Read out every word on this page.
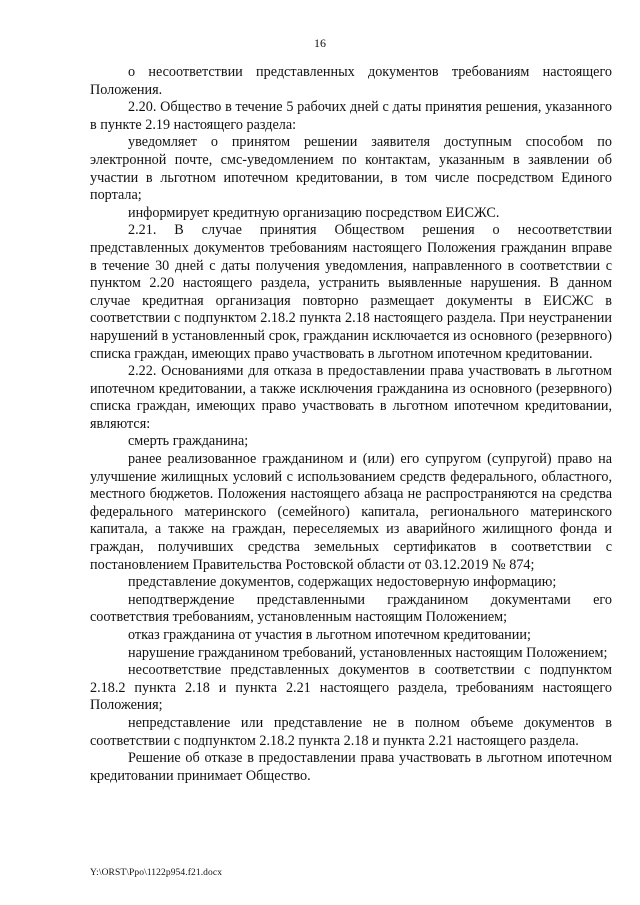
16

о несоответствии представленных документов требованиям настоящего Положения.

2.20. Общество в течение 5 рабочих дней с даты принятия решения, указанного в пункте 2.19 настоящего раздела:

уведомляет о принятом решении заявителя доступным способом по электронной почте, смс-уведомлением по контактам, указанным в заявлении об участии в льготном ипотечном кредитовании, в том числе посредством Единого портала;

информирует кредитную организацию посредством ЕИСЖС.

2.21. В случае принятия Обществом решения о несоответствии представленных документов требованиям настоящего Положения гражданин вправе в течение 30 дней с даты получения уведомления, направленного в соответствии с пунктом 2.20 настоящего раздела, устранить выявленные нарушения. В данном случае кредитная организация повторно размещает документы в ЕИСЖС в соответствии с подпунктом 2.18.2 пункта 2.18 настоящего раздела. При неустранении нарушений в установленный срок, гражданин исключается из основного (резервного) списка граждан, имеющих право участвовать в льготном ипотечном кредитовании.

2.22. Основаниями для отказа в предоставлении права участвовать в льготном ипотечном кредитовании, а также исключения гражданина из основного (резервного) списка граждан, имеющих право участвовать в льготном ипотечном кредитовании, являются:

смерть гражданина;

ранее реализованное гражданином и (или) его супругом (супругой) право на улучшение жилищных условий с использованием средств федерального, областного, местного бюджетов. Положения настоящего абзаца не распространяются на средства федерального материнского (семейного) капитала, регионального материнского капитала, а также на граждан, переселяемых из аварийного жилищного фонда и граждан, получивших средства земельных сертификатов в соответствии с постановлением Правительства Ростовской области от 03.12.2019 № 874;

представление документов, содержащих недостоверную информацию;

неподтверждение представленными гражданином документами его соответствия требованиям, установленным настоящим Положением;

отказ гражданина от участия в льготном ипотечном кредитовании;

нарушение гражданином требований, установленных настоящим Положением;

несоответствие представленных документов в соответствии с подпунктом 2.18.2 пункта 2.18 и пункта 2.21 настоящего раздела, требованиям настоящего Положения;

непредставление или представление не в полном объеме документов в соответствии с подпунктом 2.18.2 пункта 2.18 и пункта 2.21 настоящего раздела.

Решение об отказе в предоставлении права участвовать в льготном ипотечном кредитовании принимает Общество.

Y:\ORST\Ppo\1122p954.f21.docx
